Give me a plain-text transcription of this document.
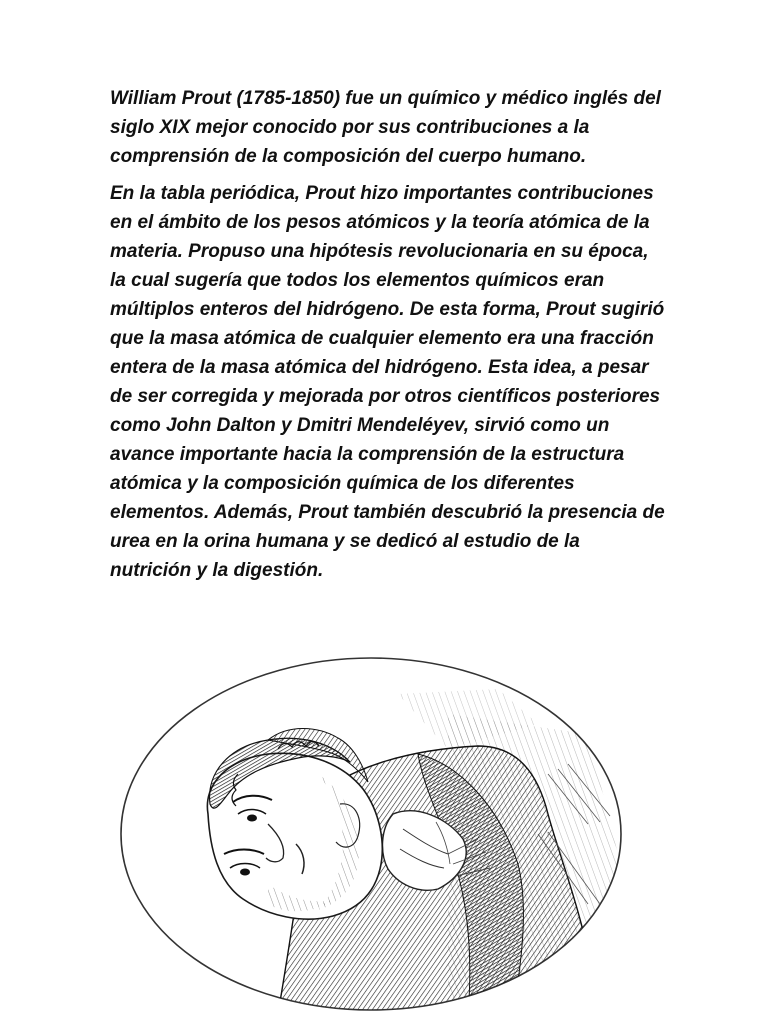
William Prout (1785-1850) fue un químico y médico inglés del siglo XIX mejor conocido por sus contribuciones a la comprensión de la composición del cuerpo humano.

En la tabla periódica, Prout hizo importantes contribuciones en el ámbito de los pesos atómicos y la teoría atómica de la materia. Propuso una hipótesis revolucionaria en su época, la cual sugería que todos los elementos químicos eran múltiplos enteros del hidrógeno. De esta forma, Prout sugirió que la masa atómica de cualquier elemento era una fracción entera de la masa atómica del hidrógeno. Esta idea, a pesar de ser corregida y mejorada por otros científicos posteriores como John Dalton y Dmitri Mendeléyev, sirvió como un avance importante hacia la comprensión de la estructura atómica y la composición química de los diferentes elementos. Además, Prout también descubrió la presencia de urea en la orina humana y se dedicó al estudio de la nutrición y la digestión.
